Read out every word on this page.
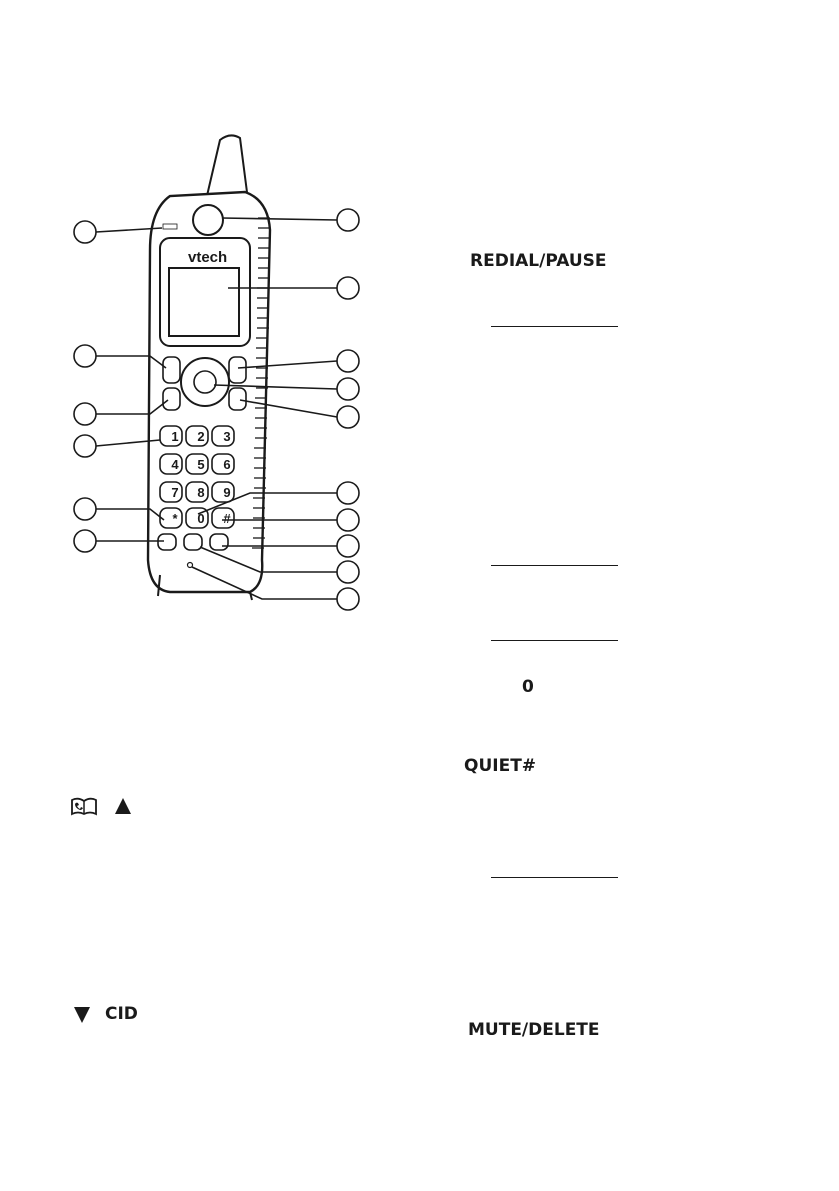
vtech
1 2 3
4 5 6
7 8 9
* 0 #
REDIAL/PAUSE
0
QUIET#
MUTE/DELETE
CID
